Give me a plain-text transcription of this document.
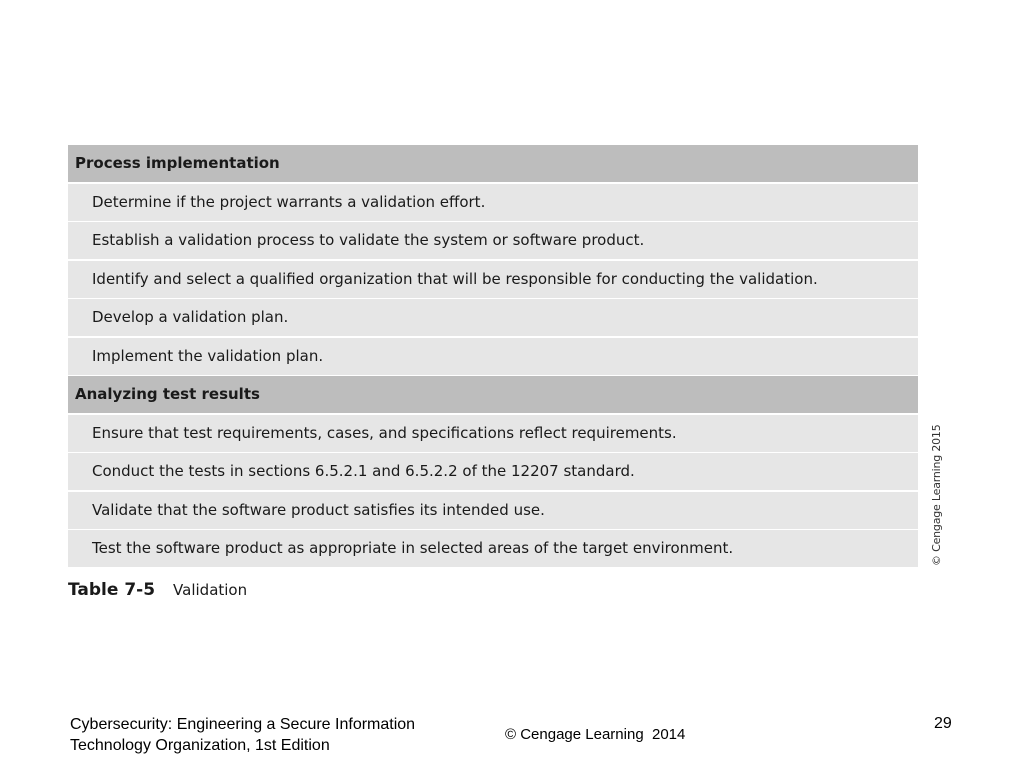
Process implementation
Determine if the project warrants a validation effort.
Establish a validation process to validate the system or software product.
Identify and select a qualified organization that will be responsible for conducting the validation.
Develop a validation plan.
Implement the validation plan.
Analyzing test results
Ensure that test requirements, cases, and specifications reflect requirements.
Conduct the tests in sections 6.5.2.1 and 6.5.2.2 of the 12207 standard.
Validate that the software product satisfies its intended use.
Test the software product as appropriate in selected areas of the target environment.	© Cengage Learning 2015
Table 7-5 Validation
Cybersecurity: Engineering a Secure Information
Technology Organization, 1st Edition
© Cengage Learning  2014
29
